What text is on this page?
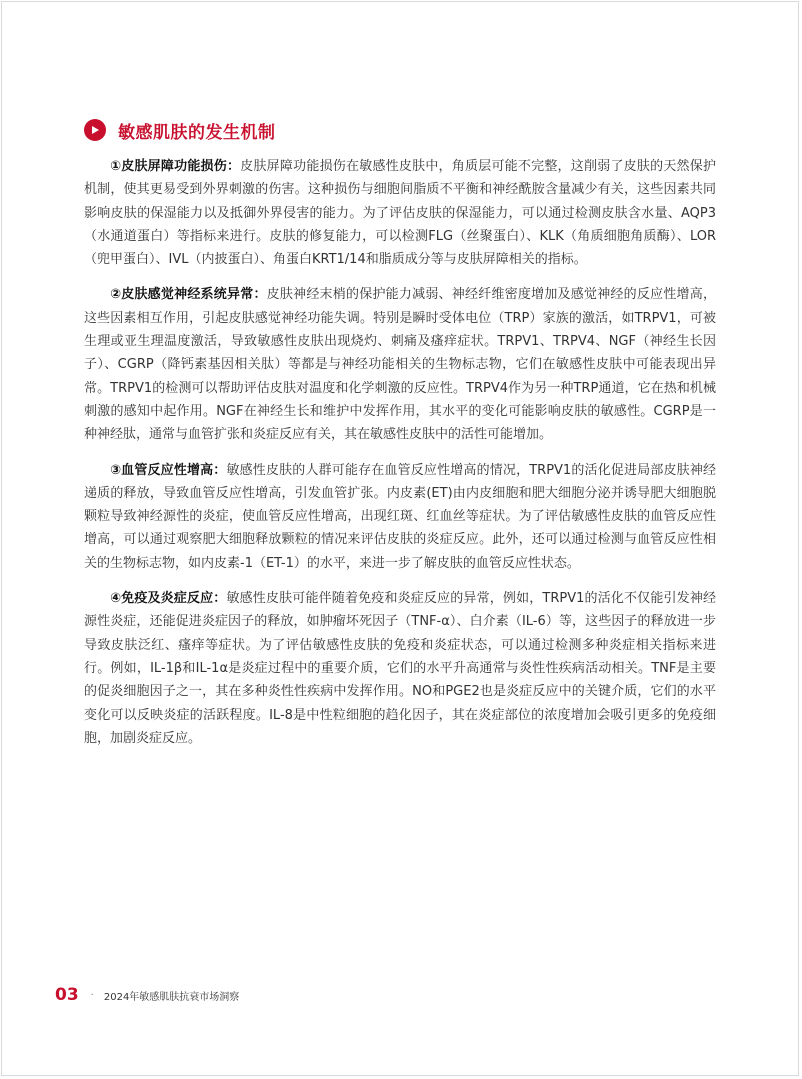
敏感肌肤的发生机制

①皮肤屏障功能损伤：皮肤屏障功能损伤在敏感性皮肤中，角质层可能不完整，这削弱了皮肤的天然保护机制，使其更易受到外界刺激的伤害。这种损伤与细胞间脂质不平衡和神经酰胺含量减少有关，这些因素共同影响皮肤的保湿能力以及抵御外界侵害的能力。为了评估皮肤的保湿能力，可以通过检测皮肤含水量、AQP3（水通道蛋白）等指标来进行。皮肤的修复能力，可以检测FLG（丝聚蛋白）、KLK（角质细胞角质酶）、LOR（兜甲蛋白）、IVL（内披蛋白）、角蛋白KRT1/14和脂质成分等与皮肤屏障相关的指标。

②皮肤感觉神经系统异常：皮肤神经末梢的保护能力减弱、神经纤维密度增加及感觉神经的反应性增高，这些因素相互作用，引起皮肤感觉神经功能失调。特别是瞬时受体电位（TRP）家族的激活，如TRPV1，可被生理或亚生理温度激活，导致敏感性皮肤出现烧灼、刺痛及瘙痒症状。TRPV1、TRPV4、NGF（神经生长因子）、CGRP（降钙素基因相关肽）等都是与神经功能相关的生物标志物，它们在敏感性皮肤中可能表现出异常。TRPV1的检测可以帮助评估皮肤对温度和化学刺激的反应性。TRPV4作为另一种TRP通道，它在热和机械刺激的感知中起作用。NGF在神经生长和维护中发挥作用，其水平的变化可能影响皮肤的敏感性。CGRP是一种神经肽，通常与血管扩张和炎症反应有关，其在敏感性皮肤中的活性可能增加。

③血管反应性增高：敏感性皮肤的人群可能存在血管反应性增高的情况，TRPV1的活化促进局部皮肤神经递质的释放，导致血管反应性增高，引发血管扩张。内皮素(ET)由内皮细胞和肥大细胞分泌并诱导肥大细胞脱颗粒导致神经源性的炎症，使血管反应性增高，出现红斑、红血丝等症状。为了评估敏感性皮肤的血管反应性增高，可以通过观察肥大细胞释放颗粒的情况来评估皮肤的炎症反应。此外，还可以通过检测与血管反应性相关的生物标志物，如内皮素-1（ET-1）的水平，来进一步了解皮肤的血管反应性状态。

④免疫及炎症反应：敏感性皮肤可能伴随着免疫和炎症反应的异常，例如，TRPV1的活化不仅能引发神经源性炎症，还能促进炎症因子的释放，如肿瘤坏死因子（TNF-α）、白介素（IL-6）等，这些因子的释放进一步导致皮肤泛红、瘙痒等症状。为了评估敏感性皮肤的免疫和炎症状态，可以通过检测多种炎症相关指标来进行。例如，IL-1β和IL-1α是炎症过程中的重要介质，它们的水平升高通常与炎性性疾病活动相关。TNF是主要的促炎细胞因子之一，其在多种炎性性疾病中发挥作用。NO和PGE2也是炎症反应中的关键介质，它们的水平变化可以反映炎症的活跃程度。IL-8是中性粒细胞的趋化因子，其在炎症部位的浓度增加会吸引更多的免疫细胞，加剧炎症反应。

03 · 2024年敏感肌肤抗衰市场洞察
